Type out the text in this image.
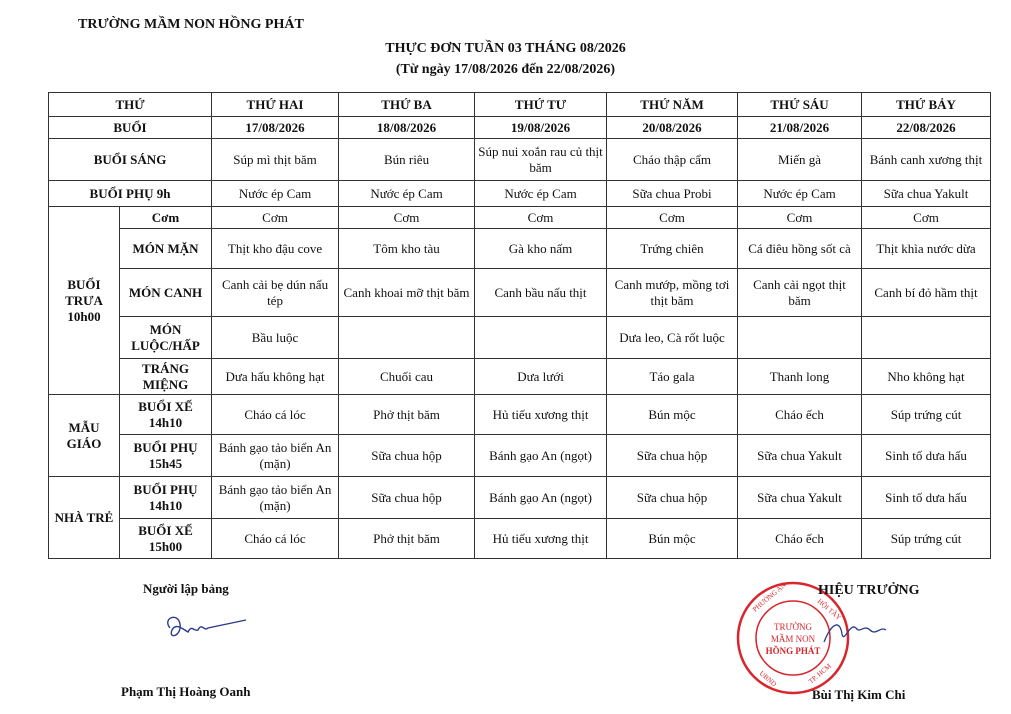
TRƯỜNG MẦM NON HỒNG PHÁT
THỰC ĐƠN TUẦN 03 THÁNG 08/2026
(Từ ngày 17/08/2026 đến 22/08/2026)
THỨ		THỨ HAI	THỨ BA	THỨ TƯ	THỨ NĂM	THỨ SÁU	THỨ BẢY
BUỔI		17/08/2026	18/08/2026	19/08/2026	20/08/2026	21/08/2026	22/08/2026
BUỔI SÁNG		Súp mì thịt băm	Bún riêu	Súp nui xoắn rau củ thịt băm	Cháo thập cẩm	Miến gà	Bánh canh xương thịt
BUỔI PHỤ 9h		Nước ép Cam	Nước ép Cam	Nước ép Cam	Sữa chua Probi	Nước ép Cam	Sữa chua Yakult
BUỔI TRƯA 10h00	Cơm	Cơm	Cơm	Cơm	Cơm	Cơm	Cơm
	MÓN MẶN	Thịt kho đậu cove	Tôm kho tàu	Gà kho nấm	Trứng chiên	Cá điêu hồng sốt cà	Thịt khìa nước dừa
	MÓN CANH	Canh cải bẹ dún nấu tép	Canh khoai mỡ thịt băm	Canh bầu nấu thịt	Canh mướp, mồng tơi thịt băm	Canh cải ngọt thịt băm	Canh bí đỏ hầm thịt
	MÓN LUỘC/HẤP	Bầu luộc			Dưa leo, Cà rốt luộc		
	TRÁNG MIỆNG	Dưa hấu không hạt	Chuối cau	Dưa lưới	Táo gala	Thanh long	Nho không hạt
MẪU GIÁO	BUỔI XẾ 14h10	Cháo cá lóc	Phở thịt băm	Hủ tiếu xương thịt	Bún mộc	Cháo ếch	Súp trứng cút
	BUỔI PHỤ 15h45	Bánh gạo tảo biển An (mặn)	Sữa chua hộp	Bánh gạo An (ngọt)	Sữa chua hộp	Sữa chua Yakult	Sinh tố dưa hấu
NHÀ TRẺ	BUỔI PHỤ 14h10	Bánh gạo tảo biển An (mặn)	Sữa chua hộp	Bánh gạo An (ngọt)	Sữa chua hộp	Sữa chua Yakult	Sinh tố dưa hấu
	BUỔI XẾ 15h00	Cháo cá lóc	Phở thịt băm	Hủ tiếu xương thịt	Bún mộc	Cháo ếch	Súp trứng cút
Người lập bảng
Phạm Thị Hoàng Oanh
TRƯỜNG
MẦM NON
HỒNG PHÁT
PHƯỜNG AN	HỘI TÂY
UBND	TP. HCM
HIỆU TRƯỞNG
Bùi Thị Kim Chi
